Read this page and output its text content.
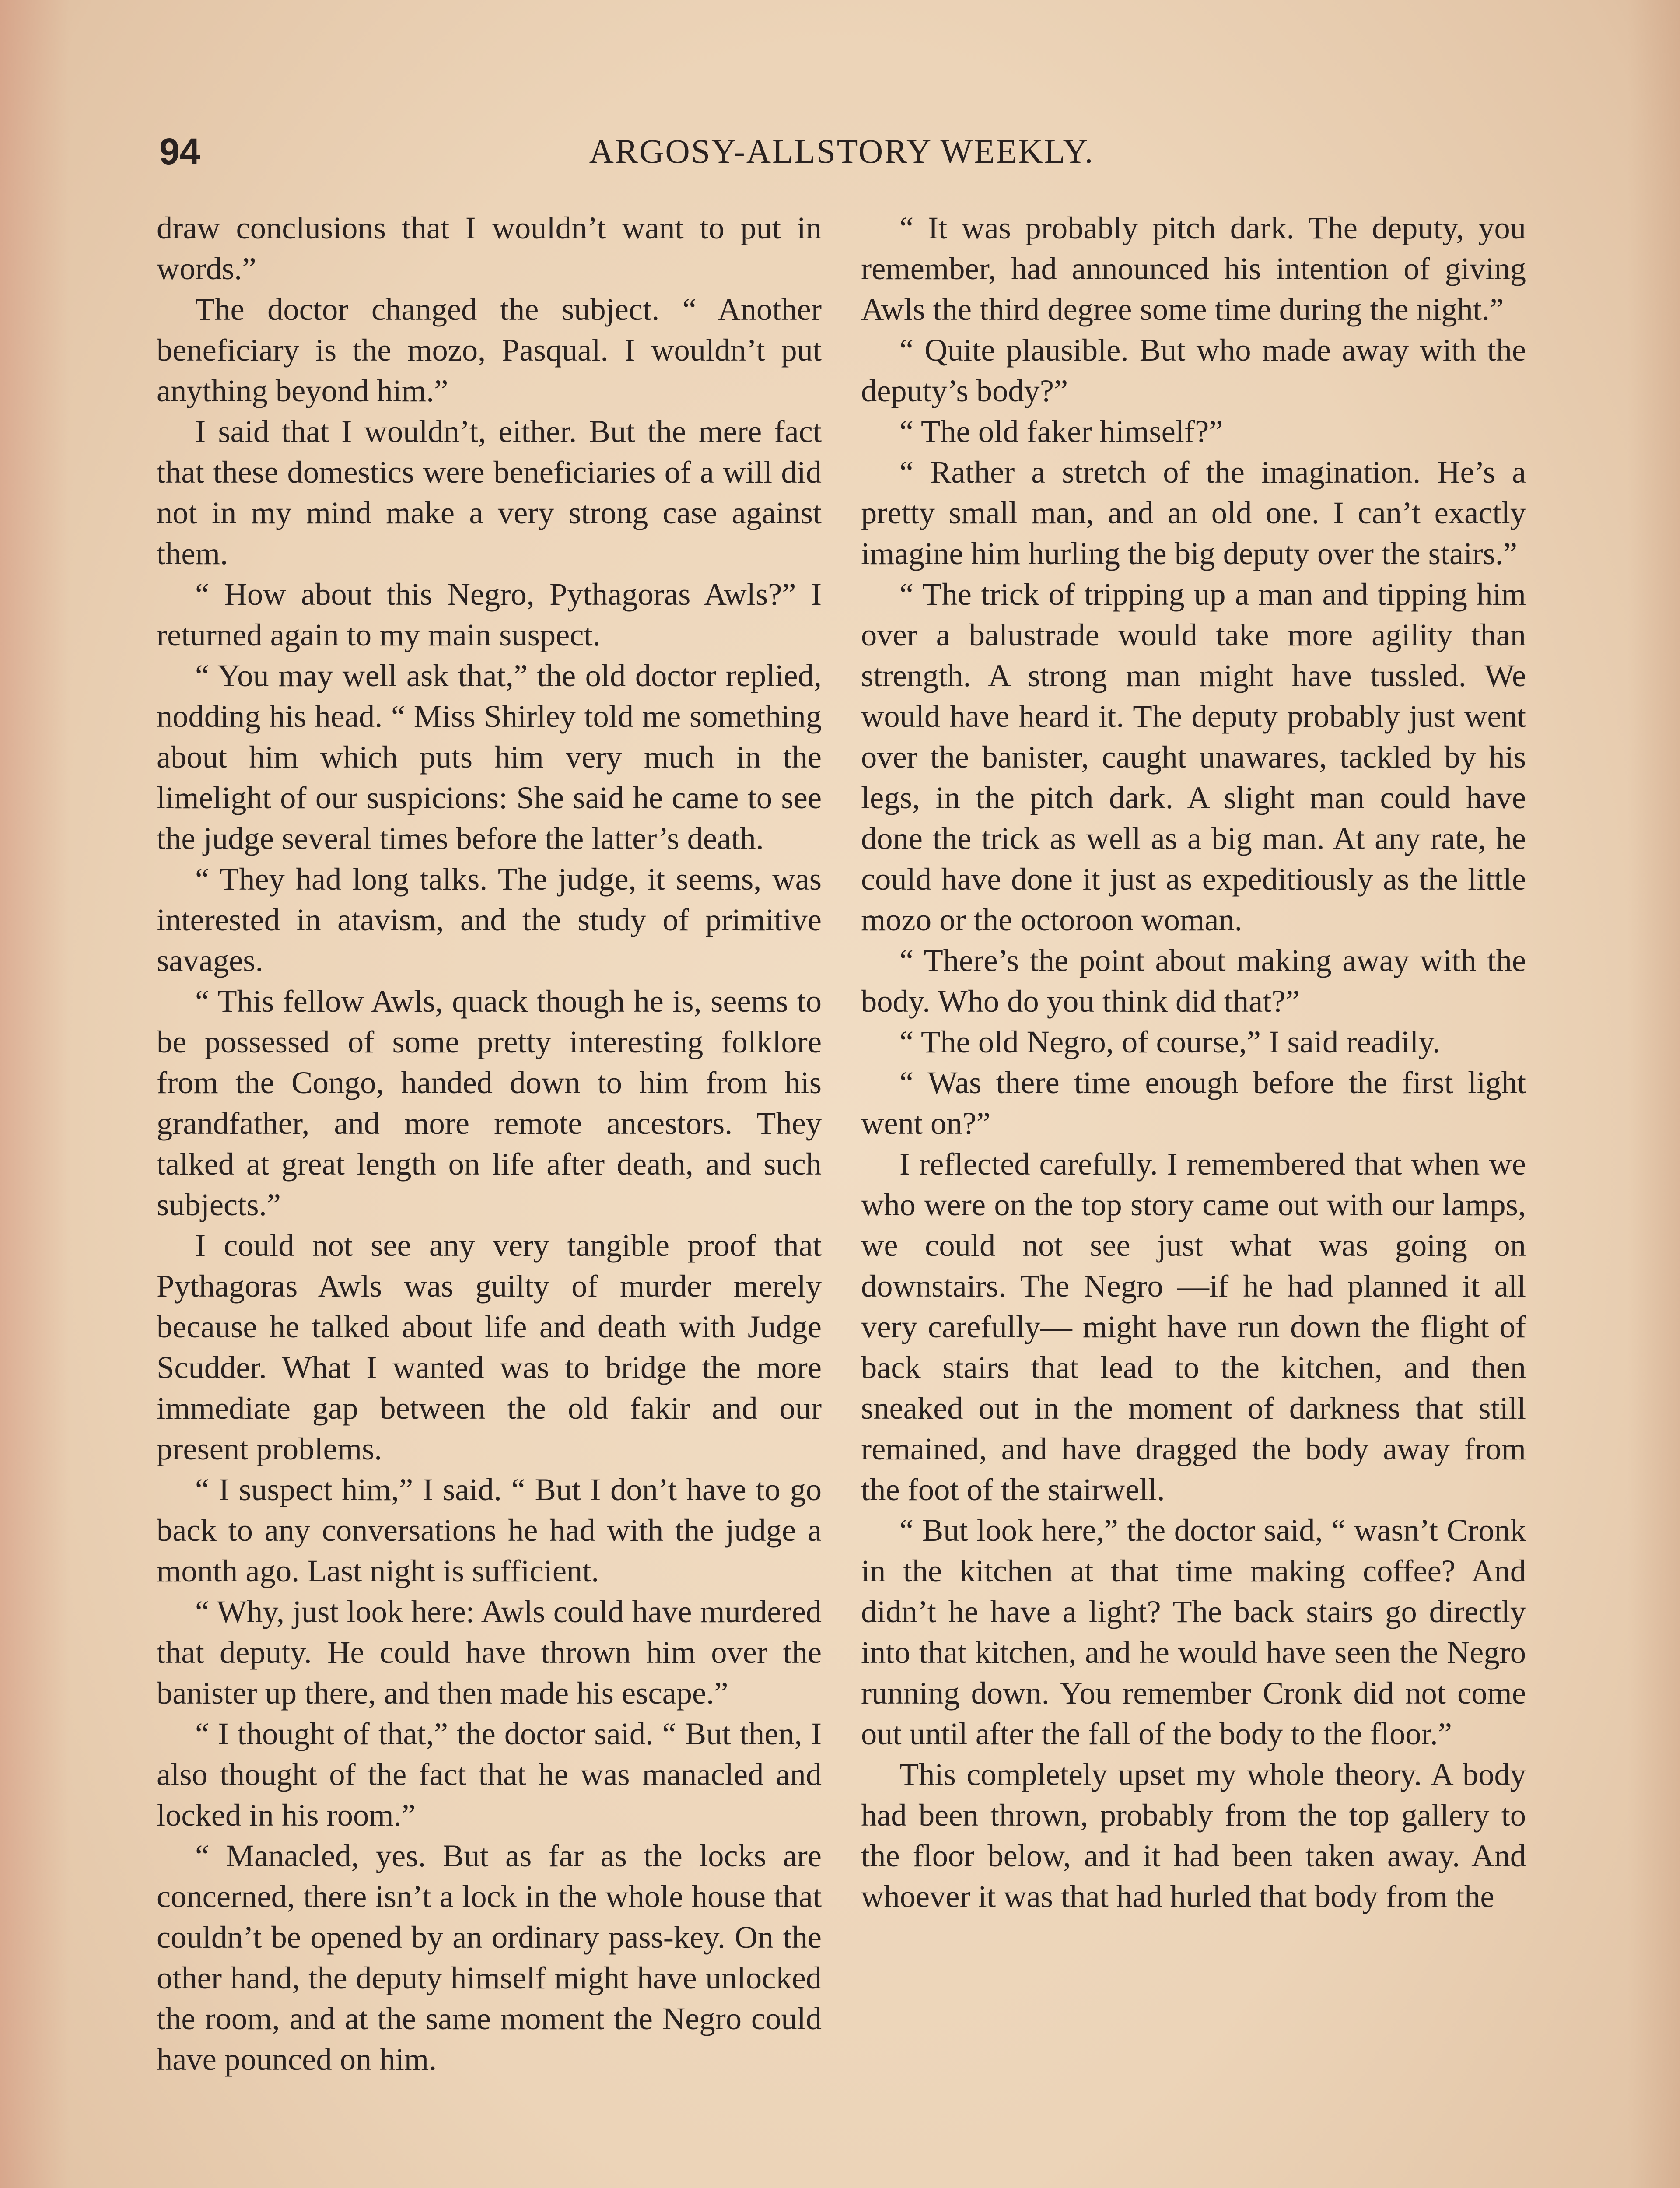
94	ARGOSY-ALLSTORY WEEKLY.

draw conclusions that I wouldn’t want to put in words.”

The doctor changed the subject. “ Another beneficiary is the mozo, Pasqual. I wouldn’t put anything beyond him.”

I said that I wouldn’t, either. But the mere fact that these domestics were beneficiaries of a will did not in my mind make a very strong case against them.

“ How about this Negro, Pythagoras Awls?” I returned again to my main suspect.

“ You may well ask that,” the old doctor replied, nodding his head. “ Miss Shirley told me something about him which puts him very much in the limelight of our suspicions: She said he came to see the judge several times before the latter’s death.

“ They had long talks. The judge, it seems, was interested in atavism, and the study of primitive savages.

“ This fellow Awls, quack though he is, seems to be possessed of some pretty interesting folklore from the Congo, handed down to him from his grandfather, and more remote ancestors. They talked at great length on life after death, and such subjects.”

I could not see any very tangible proof that Pythagoras Awls was guilty of murder merely because he talked about life and death with Judge Scudder. What I wanted was to bridge the more immediate gap between the old fakir and our present problems.

“ I suspect him,” I said. “ But I don’t have to go back to any conversations he had with the judge a month ago. Last night is sufficient.

“ Why, just look here: Awls could have murdered that deputy. He could have thrown him over the banister up there, and then made his escape.”

“ I thought of that,” the doctor said. “ But then, I also thought of the fact that he was manacled and locked in his room.”

“ Manacled, yes. But as far as the locks are concerned, there isn’t a lock in the whole house that couldn’t be opened by an ordinary pass-key. On the other hand, the deputy himself might have unlocked the room, and at the same moment the Negro could have pounced on him.

“ It was probably pitch dark. The deputy, you remember, had announced his intention of giving Awls the third degree some time during the night.”

“ Quite plausible. But who made away with the deputy’s body?”

“ The old faker himself?”

“ Rather a stretch of the imagination. He’s a pretty small man, and an old one. I can’t exactly imagine him hurling the big deputy over the stairs.”

“ The trick of tripping up a man and tipping him over a balustrade would take more agility than strength. A strong man might have tussled. We would have heard it. The deputy probably just went over the banister, caught unawares, tackled by his legs, in the pitch dark. A slight man could have done the trick as well as a big man. At any rate, he could have done it just as expeditiously as the little mozo or the octoroon woman.

“ There’s the point about making away with the body. Who do you think did that?”

“ The old Negro, of course,” I said readily.

“ Was there time enough before the first light went on?”

I reflected carefully. I remembered that when we who were on the top story came out with our lamps, we could not see just what was going on downstairs. The Negro —if he had planned it all very carefully— might have run down the flight of back stairs that lead to the kitchen, and then sneaked out in the moment of darkness that still remained, and have dragged the body away from the foot of the stairwell.

“ But look here,” the doctor said, “ wasn’t Cronk in the kitchen at that time making coffee? And didn’t he have a light? The back stairs go directly into that kitchen, and he would have seen the Negro running down. You remember Cronk did not come out until after the fall of the body to the floor.”

This completely upset my whole theory. A body had been thrown, probably from the top gallery to the floor below, and it had been taken away. And whoever it was that had hurled that body from the
